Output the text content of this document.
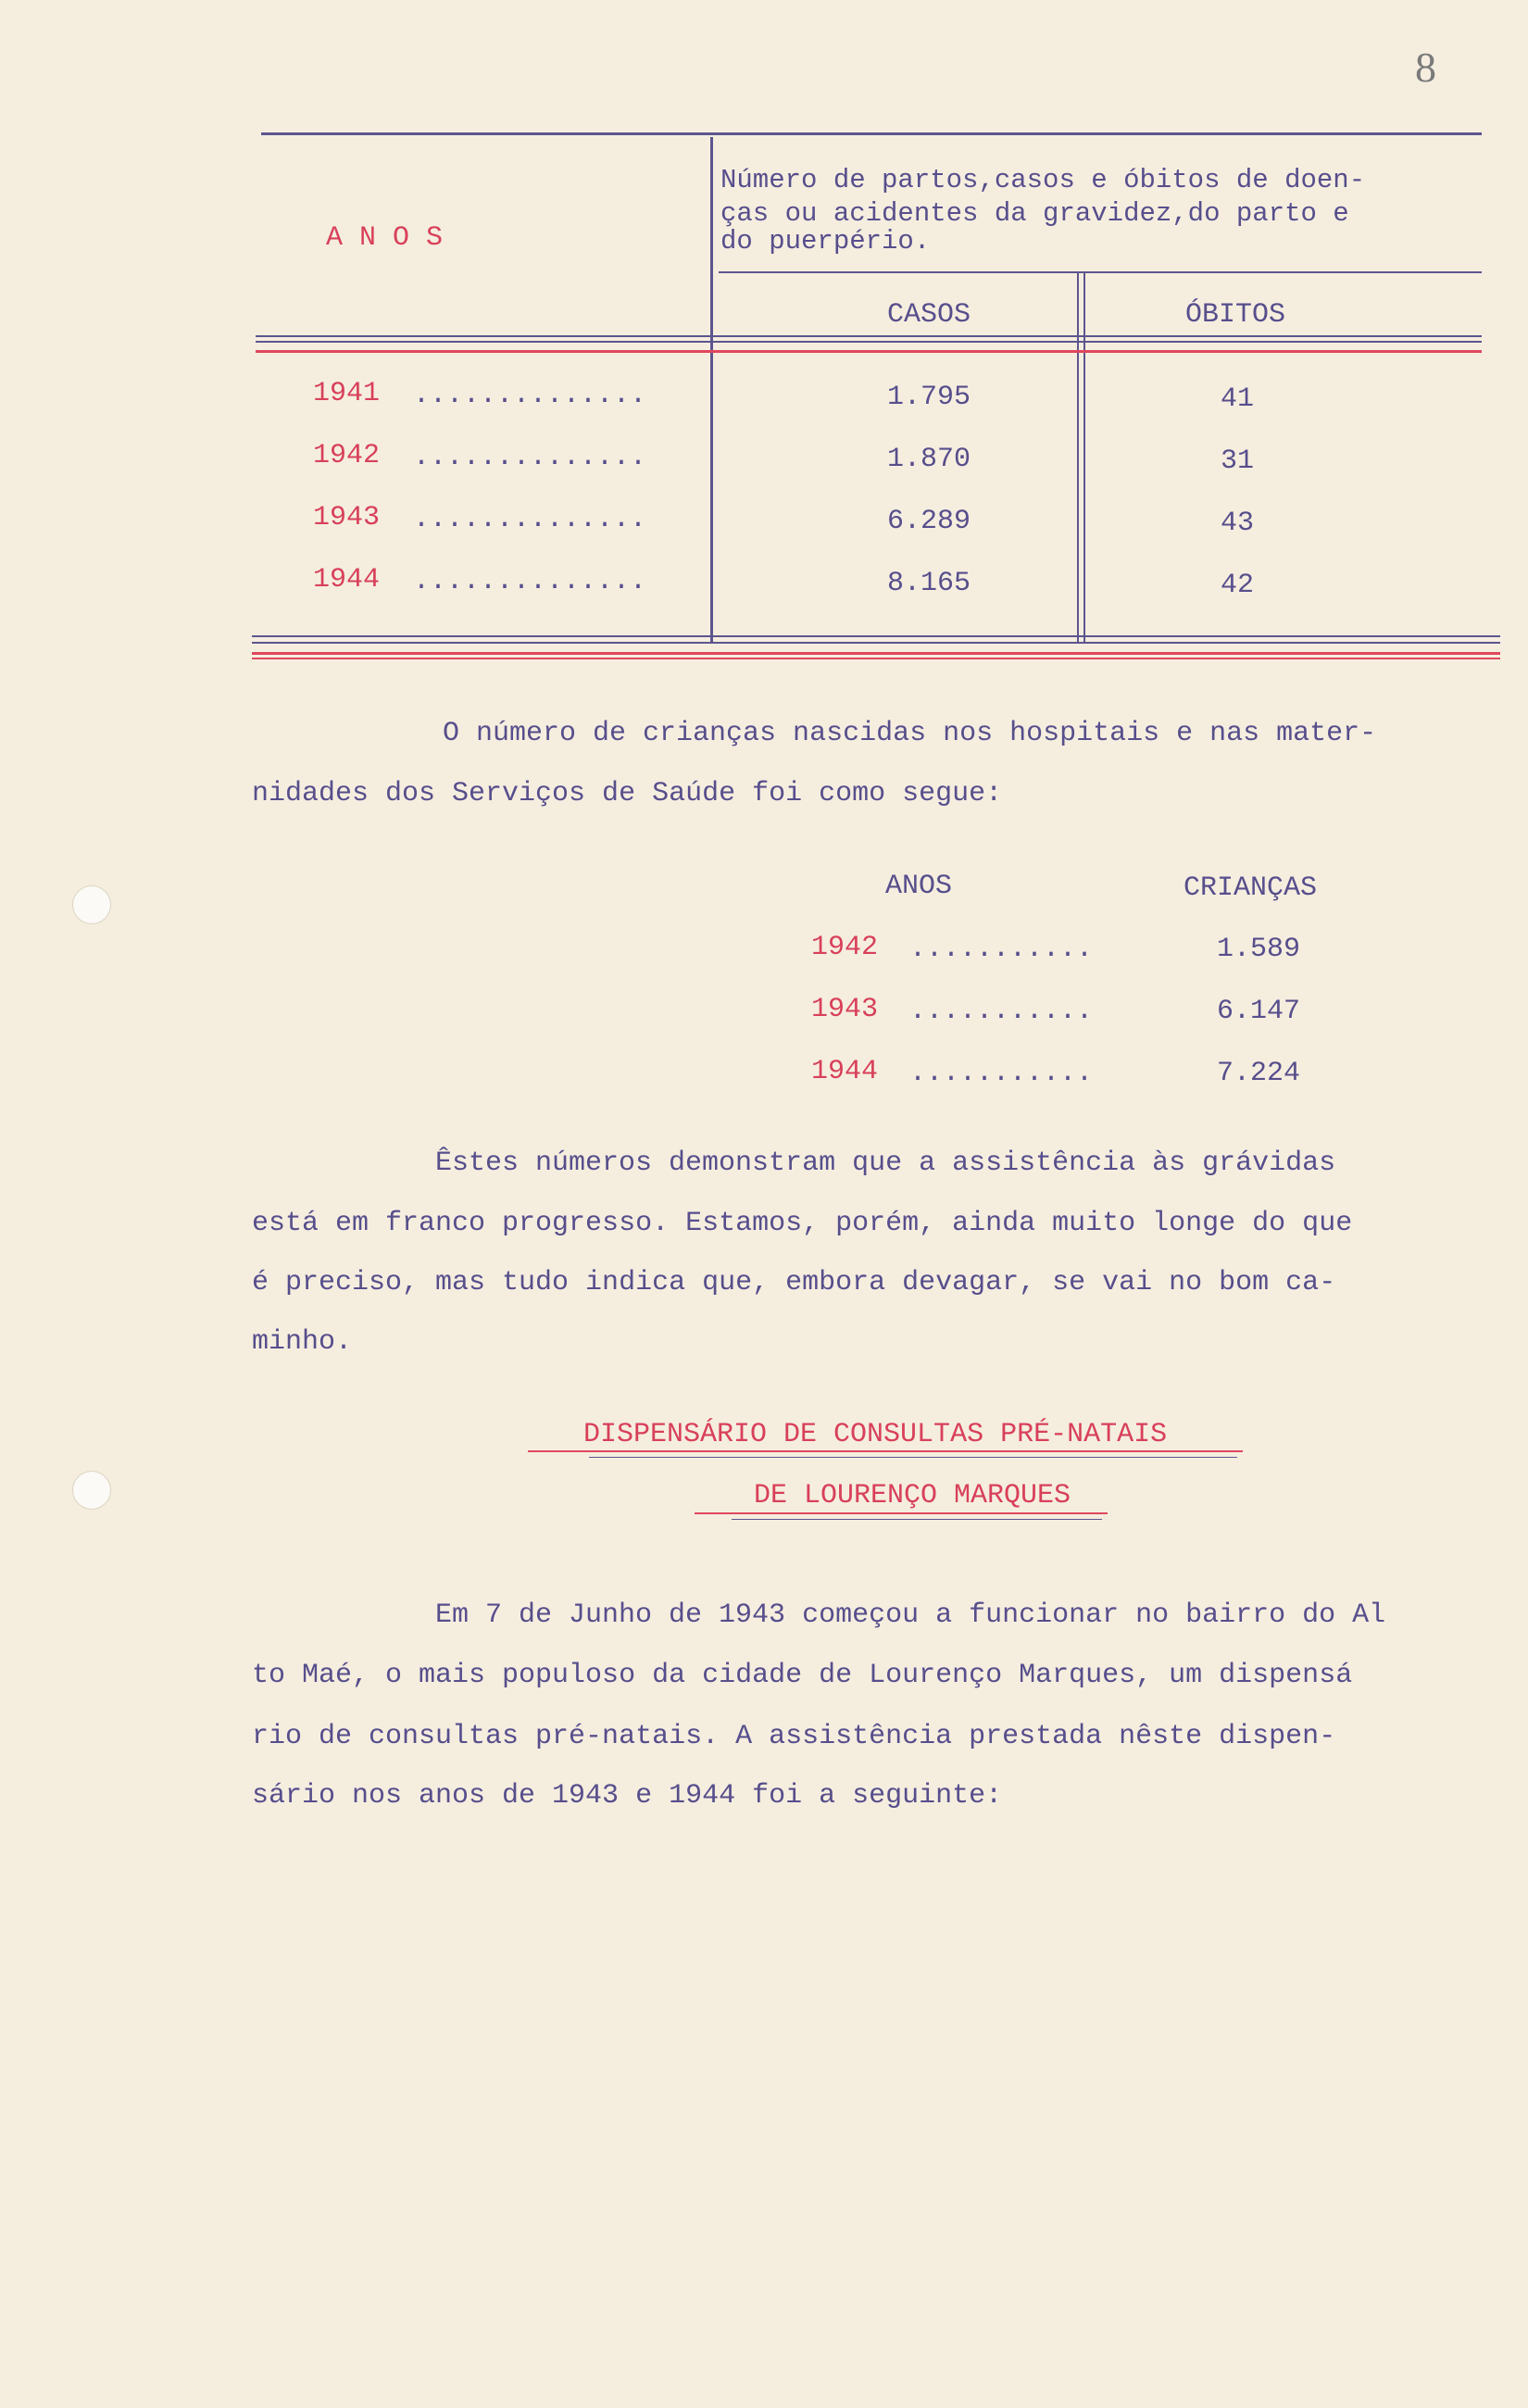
8
A N O S
Número de partos,casos e óbitos de doen-
ças ou acidentes da gravidez,do parto e
do puerpério.
CASOS	ÓBITOS
1941 ..............	1.795	41
1942 ..............	1.870	31
1943 ..............	6.289	43
1944 ..............	8.165	42
O número de crianças nascidas nos hospitais e nas mater-
nidades dos Serviços de Saúde foi como segue:
ANOS	CRIANÇAS
1942 ...........	1.589
1943 ...........	6.147
1944 ...........	7.224
Êstes números demonstram que a assistência às grávidas
está em franco progresso. Estamos, porém, ainda muito longe do que
é preciso, mas tudo indica que, embora devagar, se vai no bom ca-
minho.
DISPENSÁRIO DE CONSULTAS PRÉ-NATAIS
DE LOURENÇO MARQUES
Em 7 de Junho de 1943 começou a funcionar no bairro do Al
to Maé, o mais populoso da cidade de Lourenço Marques, um dispensá
rio de consultas pré-natais. A assistência prestada nêste dispen-
sário nos anos de 1943 e 1944 foi a seguinte:
